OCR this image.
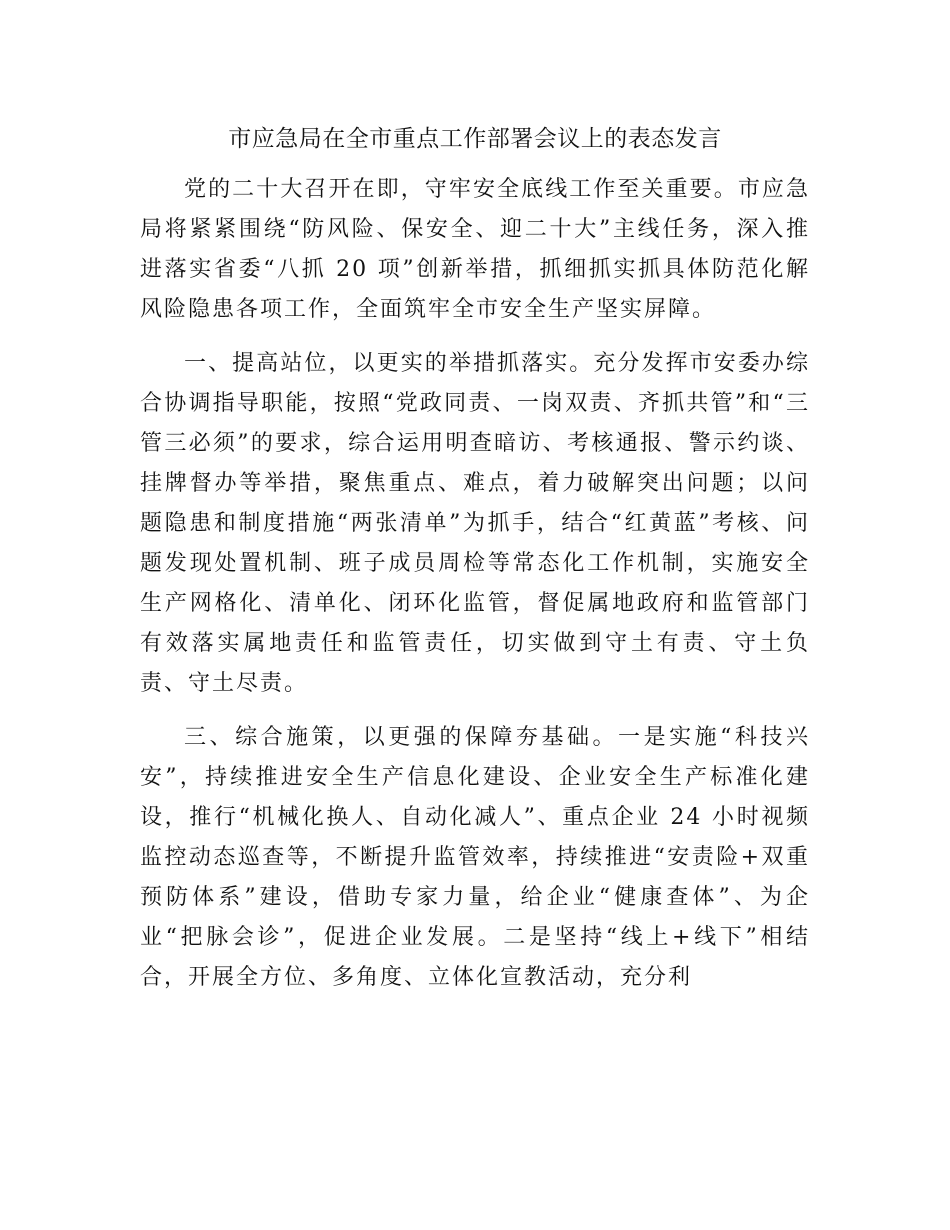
市应急局在全市重点工作部署会议上的表态发言

党的二十大召开在即，守牢安全底线工作至关重要。市应急局将紧紧围绕“防风险、保安全、迎二十大”主线任务，深入推进落实省委“八抓 20 项”创新举措，抓细抓实抓具体防范化解风险隐患各项工作，全面筑牢全市安全生产坚实屏障。

一、提高站位，以更实的举措抓落实。充分发挥市安委办综合协调指导职能，按照“党政同责、一岗双责、齐抓共管”和“三管三必须”的要求，综合运用明查暗访、考核通报、警示约谈、挂牌督办等举措，聚焦重点、难点，着力破解突出问题；以问题隐患和制度措施“两张清单”为抓手，结合“红黄蓝”考核、问题发现处置机制、班子成员周检等常态化工作机制，实施安全生产网格化、清单化、闭环化监管，督促属地政府和监管部门有效落实属地责任和监管责任，切实做到守土有责、守土负责、守土尽责。

三、综合施策，以更强的保障夯基础。一是实施“科技兴安”，持续推进安全生产信息化建设、企业安全生产标准化建设，推行“机械化换人、自动化减人”、重点企业 24 小时视频监控动态巡查等，不断提升监管效率，持续推进“安责险+双重预防体系”建设，借助专家力量，给企业“健康查体”、为企业“把脉会诊”，促进企业发展。二是坚持“线上+线下”相结合，开展全方位、多角度、立体化宣教活动，充分利
